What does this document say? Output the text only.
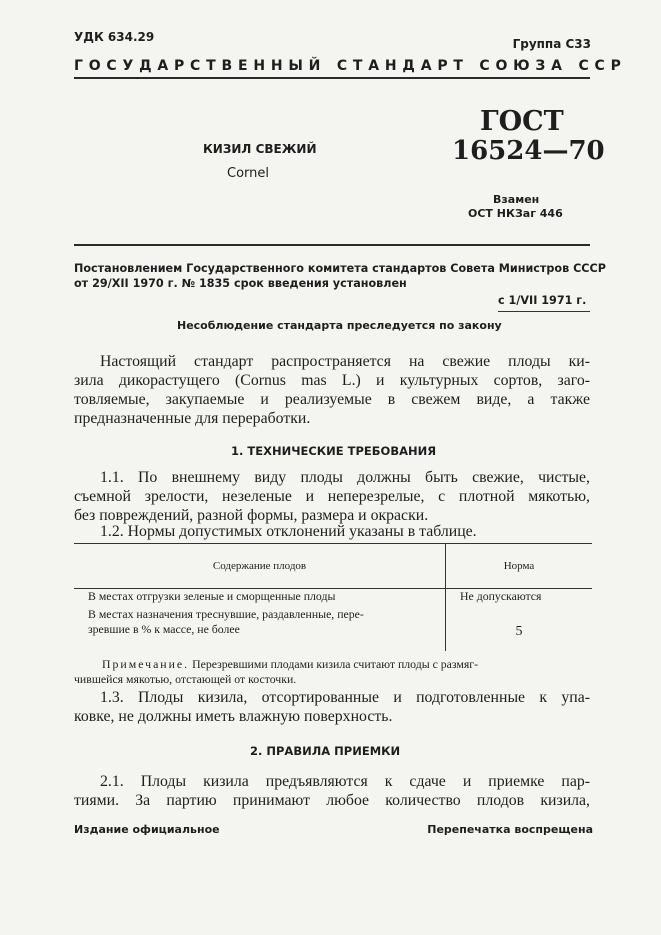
УДК 634.29	Группа С33
ГОСУДАРСТВЕННЫЙ СТАНДАРТ СОЮЗА ССР
КИЗИЛ СВЕЖИЙ
Cornel
ГОСТ
16524—70
Взамен
ОСТ НКЗаг 446
Постановлением Государственного комитета стандартов Совета Министров СССР
от 29/XII 1970 г. № 1835 срок введения установлен
с 1/VII 1971 г.
Несоблюдение стандарта преследуется по закону
Настоящий стандарт распространяется на свежие плоды ки-
зила дикорастущего (Cornus mas L.) и культурных сортов, заго-
товляемые, закупаемые и реализуемые в свежем виде, а также
предназначенные для переработки.
1. ТЕХНИЧЕСКИЕ ТРЕБОВАНИЯ
1.1. По внешнему виду плоды должны быть свежие, чистые,
съемной зрелости, незеленые и неперезрелые, с плотной мякотью,
без повреждений, разной формы, размера и окраски.
1.2. Нормы допустимых отклонений указаны в таблице.
Содержание плодов	Норма
В местах отгрузки зеленые и сморщенные плоды	Не допускаются

В местах назначения треснувшие, раздавленные, пере-
зревшие в % к массе, не более	5
Примечание. Перезревшими плодами кизила считают плоды с размяг-
чившейся мякотью, отстающей от косточки.
1.3. Плоды кизила, отсортированные и подготовленные к упа-
ковке, не должны иметь влажную поверхность.
2. ПРАВИЛА ПРИЕМКИ
2.1. Плоды кизила предъявляются к сдаче и приемке пар-
тиями. За партию принимают любое количество плодов кизила,
Издание официальное	Перепечатка воспрещена
